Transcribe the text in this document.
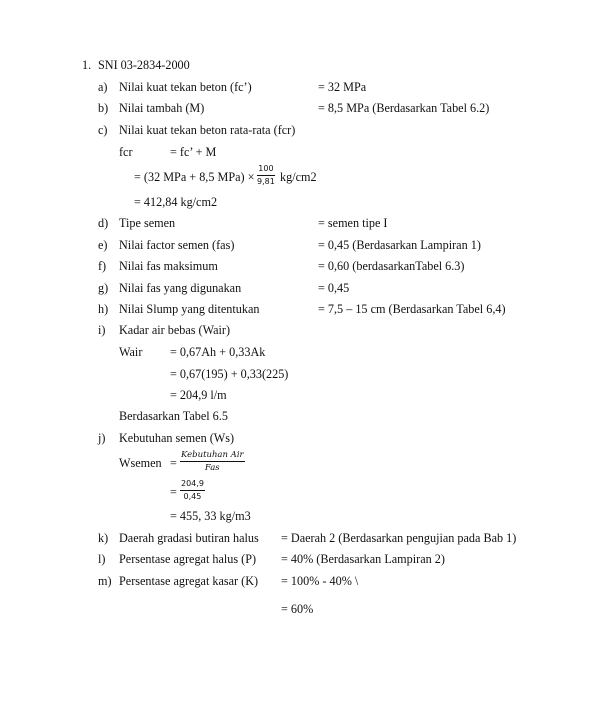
1. SNI 03-2834-2000
a) Nilai kuat tekan beton (fc’)	= 32 MPa
b) Nilai tambah (M)	= 8,5 MPa (Berdasarkan Tabel 6.2)
c) Nilai kuat tekan beton rata-rata (fcr)
fcr	= fc’ + M
= (32 MPa + 8,5 $MPa) \times \frac{100}{9,81} kg/cm2$
= 412,84 kg/cm2
d) Tipe semen	= semen tipe I
e) Nilai factor semen (fas)	= 0,45 (Berdasarkan Lampiran 1)
f) Nilai fas maksimum	= 0,60 (berdasarkanTabel 6.3)
g) Nilai fas yang digunakan	= 0,45
h) Nilai Slump yang ditentukan	= 7,5 – 15 cm (Berdasarkan Tabel 6,4)
i) Kadar air bebas (Wair)
Wair = 0,67Ah + 0,33Ak
= 0,67(195) + 0,33(225)
= 204,9 l/m
Berdasarkan Tabel 6.5
j) Kebutuhan semen (Ws)
Wsemen =
Kebutuhan Air
Fas
= $\frac{204,9}{0,45}$
= 455, 33 kg/m3
k) Daerah gradasi butiran halus = Daerah 2 (Berdasarkan pengujian pada Bab 1)
l) Persentase agregat halus (P) = 40% (Berdasarkan Lampiran 2)
m) Persentase agregat kasar (K) = 100% - 40% \
= 60%
